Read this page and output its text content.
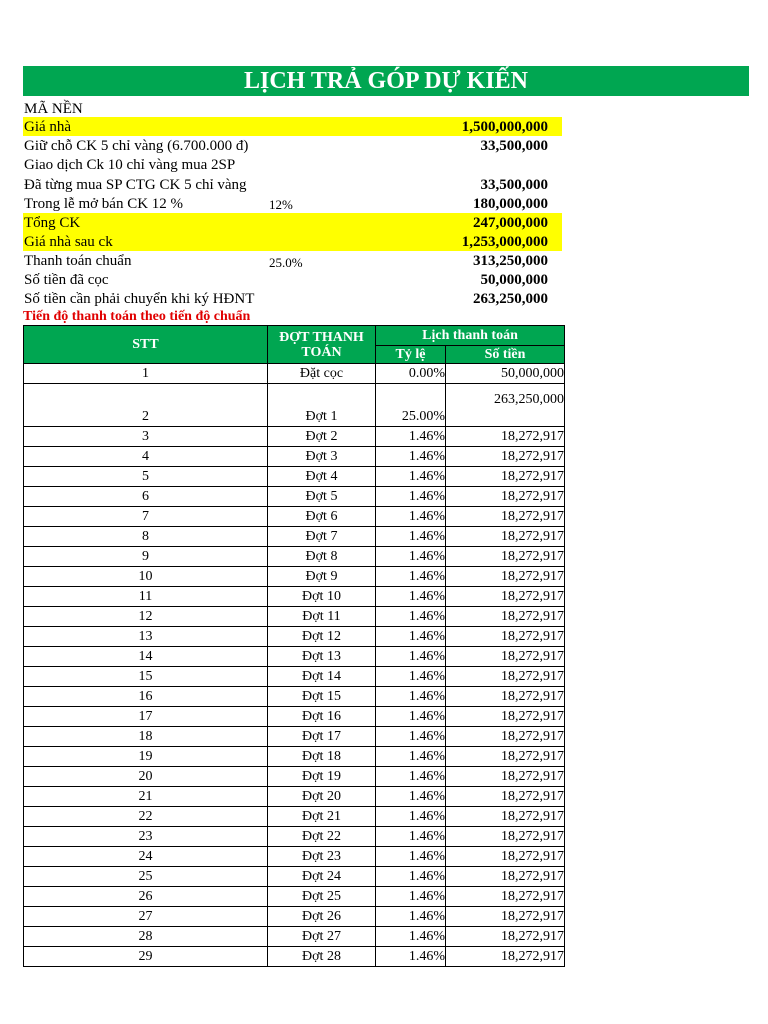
LỊCH TRẢ GÓP DỰ KIẾN
MÃ NỀN
Giá nhà	1,500,000,000
Giữ chỗ CK 5 chỉ vàng (6.700.000 đ)	33,500,000
Giao dịch Ck 10 chỉ vàng mua 2SP
Đã từng mua SP CTG CK 5 chỉ vàng	33,500,000
Trong lễ mở bán CK 12 %	12%	180,000,000
Tổng CK	247,000,000
Giá nhà sau ck	1,253,000,000
Thanh toán chuẩn	25.0%	313,250,000
Số tiền đã cọc	50,000,000
Số tiền cần phải chuyển khi ký HĐNT	263,250,000
Tiến độ thanh toán theo tiến độ chuẩn
STT	ĐỢT THANH TOÁN	Lịch thanh toán	
		Tỷ lệ	Số tiền
1	Đặt cọc	0.00%	50,000,000
2	Đợt 1	25.00%	263,250,000
3	Đợt 2	1.46%	18,272,917
4	Đợt 3	1.46%	18,272,917
5	Đợt 4	1.46%	18,272,917
6	Đợt 5	1.46%	18,272,917
7	Đợt 6	1.46%	18,272,917
8	Đợt 7	1.46%	18,272,917
9	Đợt 8	1.46%	18,272,917
10	Đợt 9	1.46%	18,272,917
11	Đợt 10	1.46%	18,272,917
12	Đợt 11	1.46%	18,272,917
13	Đợt 12	1.46%	18,272,917
14	Đợt 13	1.46%	18,272,917
15	Đợt 14	1.46%	18,272,917
16	Đợt 15	1.46%	18,272,917
17	Đợt 16	1.46%	18,272,917
18	Đợt 17	1.46%	18,272,917
19	Đợt 18	1.46%	18,272,917
20	Đợt 19	1.46%	18,272,917
21	Đợt 20	1.46%	18,272,917
22	Đợt 21	1.46%	18,272,917
23	Đợt 22	1.46%	18,272,917
24	Đợt 23	1.46%	18,272,917
25	Đợt 24	1.46%	18,272,917
26	Đợt 25	1.46%	18,272,917
27	Đợt 26	1.46%	18,272,917
28	Đợt 27	1.46%	18,272,917
29	Đợt 28	1.46%	18,272,917
